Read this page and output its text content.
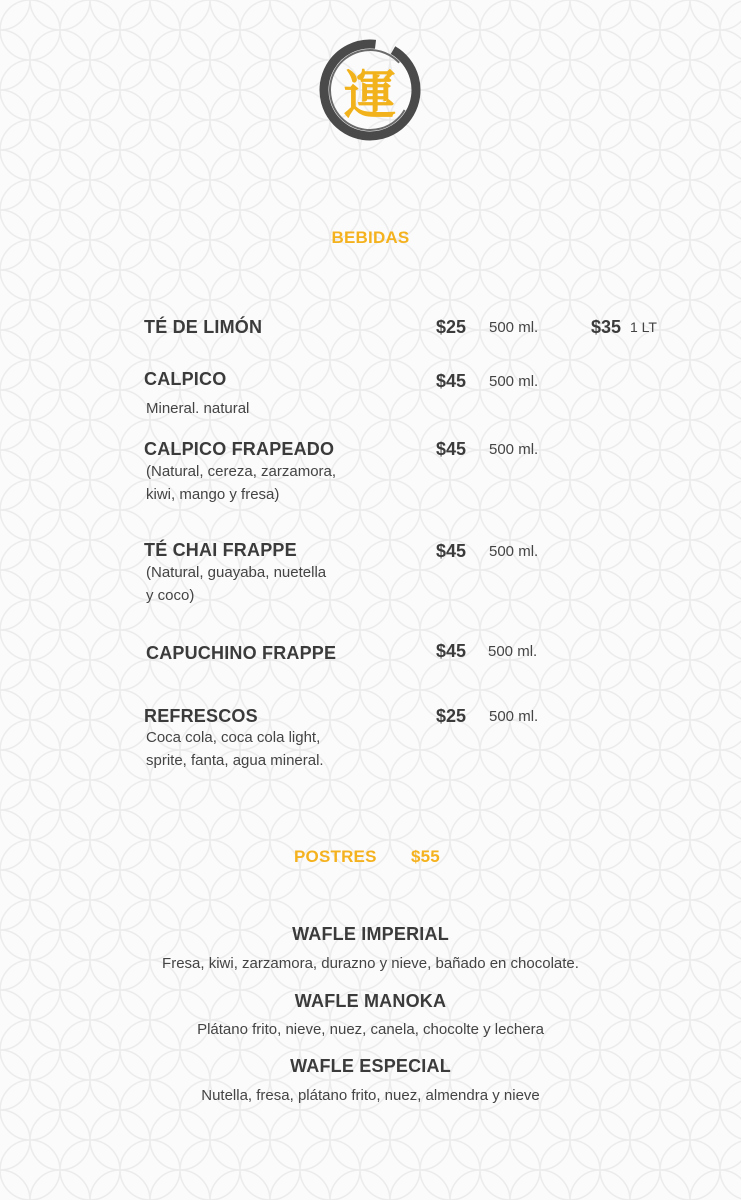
運
BEBIDAS
TÉ DE LIMÓN	$25 500 ml.	$35 1 LT
CALPICO	$45 500 ml.
Mineral. natural
CALPICO FRAPEADO	$45 500 ml.
(Natural, cereza, zarzamora,
kiwi, mango y fresa)
TÉ CHAI FRAPPE	$45 500 ml.
(Natural, guayaba, nuetella
y coco)
CAPUCHINO FRAPPE	$45 500 ml.
REFRESCOS	$25 500 ml.
Coca cola, coca cola light,
sprite, fanta, agua mineral.
POSTRES $55
WAFLE IMPERIAL
Fresa, kiwi, zarzamora, durazno y nieve, bañado en chocolate.
WAFLE MANOKA
Plátano frito, nieve, nuez, canela, chocolte y lechera
WAFLE ESPECIAL
Nutella, fresa, plátano frito, nuez, almendra y nieve
